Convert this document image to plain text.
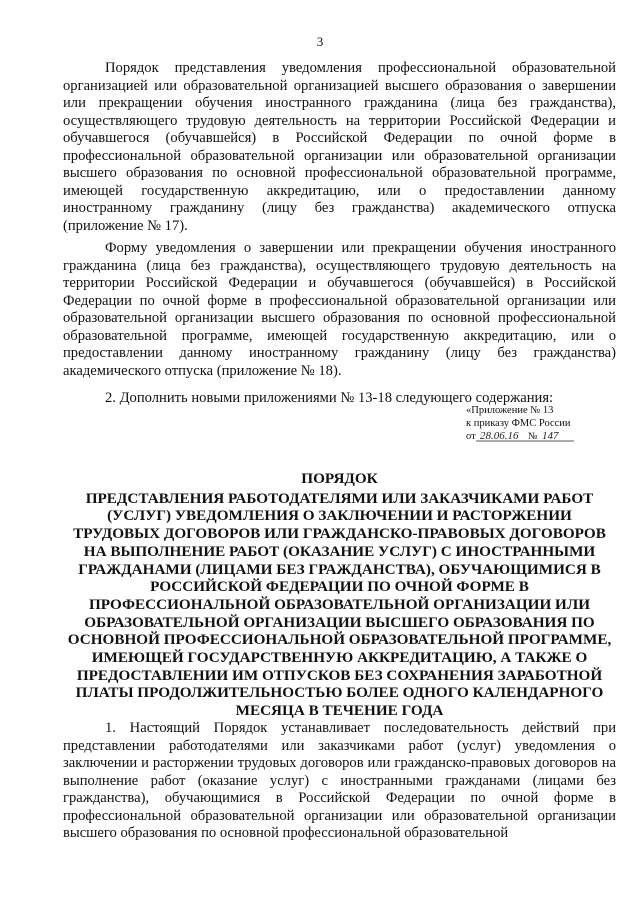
3

Порядок представления уведомления профессиональной образовательной организацией или образовательной организацией высшего образования о завершении или прекращении обучения иностранного гражданина (лица без гражданства), осуществляющего трудовую деятельность на территории Российской Федерации и обучавшегося (обучавшейся) в Российской Федерации по очной форме в профессиональной образовательной организации или образовательной организации высшего образования по основной профессиональной образовательной программе, имеющей государственную аккредитацию, или о предоставлении данному иностранному гражданину (лицу без гражданства) академического отпуска (приложение № 17).

Форму уведомления о завершении или прекращении обучения иностранного гражданина (лица без гражданства), осуществляющего трудовую деятельность на территории Российской Федерации и обучавшегося (обучавшейся) в Российской Федерации по очной форме в профессиональной образовательной организации или образовательной организации высшего образования по основной профессиональной образовательной программе, имеющей государственную аккредитацию, или о предоставлении данному иностранному гражданину (лицу без гражданства) академического отпуска (приложение № 18).

2. Дополнить новыми приложениями № 13-18 следующего содержания:

«Приложение № 13
к приказу ФМС России
от 28.06.16 № 147
ПОРЯДОК
ПРЕДСТАВЛЕНИЯ РАБОТОДАТЕЛЯМИ ИЛИ ЗАКАЗЧИКАМИ РАБОТ (УСЛУГ) УВЕДОМЛЕНИЯ О ЗАКЛЮЧЕНИИ И РАСТОРЖЕНИИ ТРУДОВЫХ ДОГОВОРОВ ИЛИ ГРАЖДАНСКО-ПРАВОВЫХ ДОГОВОРОВ НА ВЫПОЛНЕНИЕ РАБОТ (ОКАЗАНИЕ УСЛУГ) С ИНОСТРАННЫМИ ГРАЖДАНАМИ (ЛИЦАМИ БЕЗ ГРАЖДАНСТВА), ОБУЧАЮЩИМИСЯ В РОССИЙСКОЙ ФЕДЕРАЦИИ ПО ОЧНОЙ ФОРМЕ В ПРОФЕССИОНАЛЬНОЙ ОБРАЗОВАТЕЛЬНОЙ ОРГАНИЗАЦИИ ИЛИ ОБРАЗОВАТЕЛЬНОЙ ОРГАНИЗАЦИИ ВЫСШЕГО ОБРАЗОВАНИЯ ПО ОСНОВНОЙ ПРОФЕССИОНАЛЬНОЙ ОБРАЗОВАТЕЛЬНОЙ ПРОГРАММЕ, ИМЕЮЩЕЙ ГОСУДАРСТВЕННУЮ АККРЕДИТАЦИЮ, А ТАКЖЕ О ПРЕДОСТАВЛЕНИИ ИМ ОТПУСКОВ БЕЗ СОХРАНЕНИЯ ЗАРАБОТНОЙ ПЛАТЫ ПРОДОЛЖИТЕЛЬНОСТЬЮ БОЛЕЕ ОДНОГО КАЛЕНДАРНОГО МЕСЯЦА В ТЕЧЕНИЕ ГОДА

1. Настоящий Порядок устанавливает последовательность действий при представлении работодателями или заказчиками работ (услуг) уведомления о заключении и расторжении трудовых договоров или гражданско-правовых договоров на выполнение работ (оказание услуг) с иностранными гражданами (лицами без гражданства), обучающимися в Российской Федерации по очной форме в профессиональной образовательной организации или образовательной организации высшего образования по основной профессиональной образовательной
